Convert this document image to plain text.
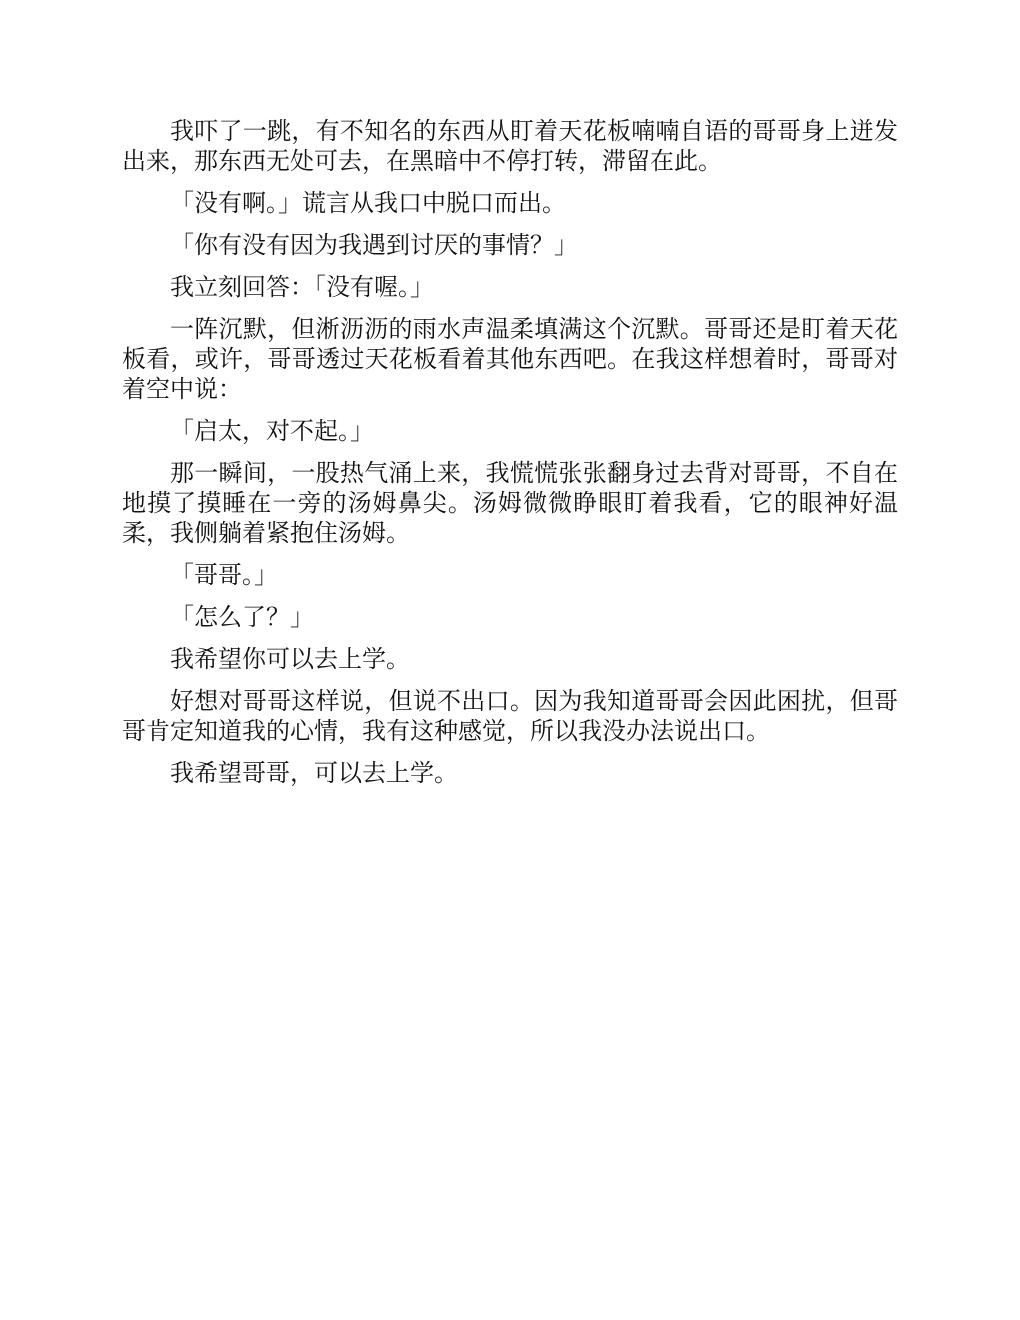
我吓了一跳，有不知名的东西从盯着天花板喃喃自语的哥哥身上迸发出来，那东西无处可去，在黑暗中不停打转，滞留在此。

「没有啊。」谎言从我口中脱口而出。

「你有没有因为我遇到讨厌的事情？」

我立刻回答：「没有喔。」

一阵沉默，但淅沥沥的雨水声温柔填满这个沉默。哥哥还是盯着天花板看，或许，哥哥透过天花板看着其他东西吧。在我这样想着时，哥哥对着空中说：

「启太，对不起。」

那一瞬间，一股热气涌上来，我慌慌张张翻身过去背对哥哥，不自在地摸了摸睡在一旁的汤姆鼻尖。汤姆微微睁眼盯着我看，它的眼神好温柔，我侧躺着紧抱住汤姆。

「哥哥。」

「怎么了？」

我希望你可以去上学。

好想对哥哥这样说，但说不出口。因为我知道哥哥会因此困扰，但哥哥肯定知道我的心情，我有这种感觉，所以我没办法说出口。

我希望哥哥，可以去上学。
